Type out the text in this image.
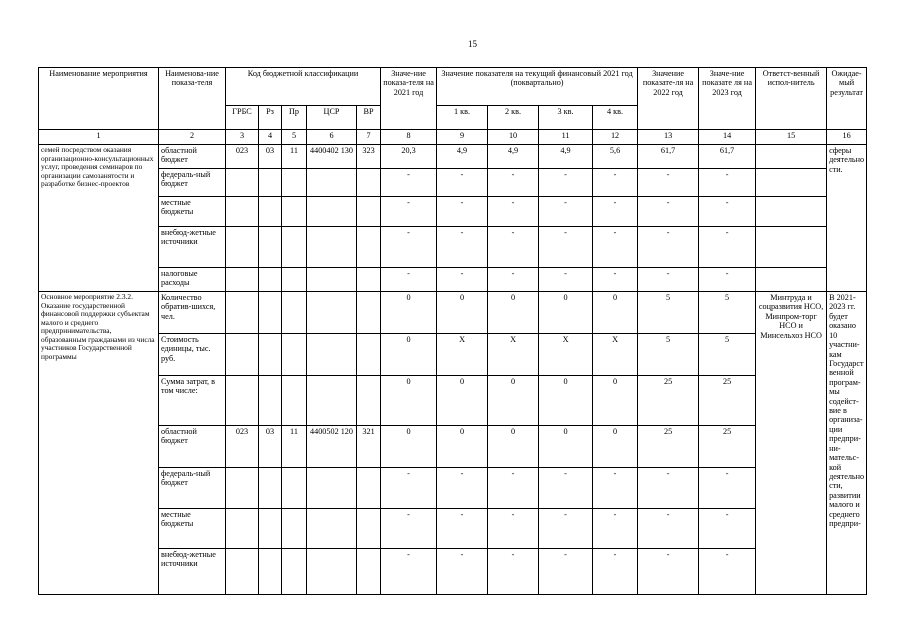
15
Наименование мероприятия	Наименова-ние показа-теля	Код бюджетной классификации					Значе-ние показа-теля на 2021 год	Значение показателя на текущий финансовый 2021 год (поквартально)				Значение показате-ля на 2022 год	Значе-ние показате ля на 2023 год	Ответст-венный испол-нитель	Ожидае-мый результат
		ГРБС	Рз	Пр	ЦСР	ВР		1 кв.	2 кв.	3 кв.	4 кв.				
1	2	3	4	5	6	7	8	9	10	11	12	13	14	15	16
семей посредством оказания организационно-консультационных услуг, проведения семинаров по организации самозанятости и разработке бизнес-проектов	областной бюджет	023	03	11	4400402 130	323	20,3	4,9	4,9	4,9	5,6	61,7	61,7		сферы деятельно сти.
	федераль-ный бюджет						-	-	-	-	-	-	-		
	местные бюджеты						-	-	-	-	-	-	-		
	внебюд-жетные источники						-	-	-	-	-	-	-		
	налоговые расходы						-	-	-	-	-	-	-		
Основное мероприятие 2.3.2. Оказание государственной финансовой поддержки субъектам малого и среднего предпринимательства, образованным гражданами из числа участников Государственной программы	Количество обратив-шихся, чел.						0	0	0	0	0	5	5	Минтруда и соцразвития НСО, Минпром-торг НСО и Минсельхоз НСО	В 2021-2023 гг. будет оказано 10 участни-кам Государст венной програм-мы содейст-вие в организа-ции предпри-ни-мательс-кой деятельно сти, развитии малого и среднего предпри-
	Стоимость единицы, тыс. руб.						0	X	X	X	X	5	5		
	Сумма затрат, в том числе:						0	0	0	0	0	25	25		
	областной бюджет	023	03	11	4400502 120	321	0	0	0	0	0	25	25		
	федераль-ный бюджет						-	-	-	-	-	-	-		
	местные бюджеты						-	-	-	-	-	-	-		
	внебюд-жетные источники						-	-	-	-	-	-	-		
